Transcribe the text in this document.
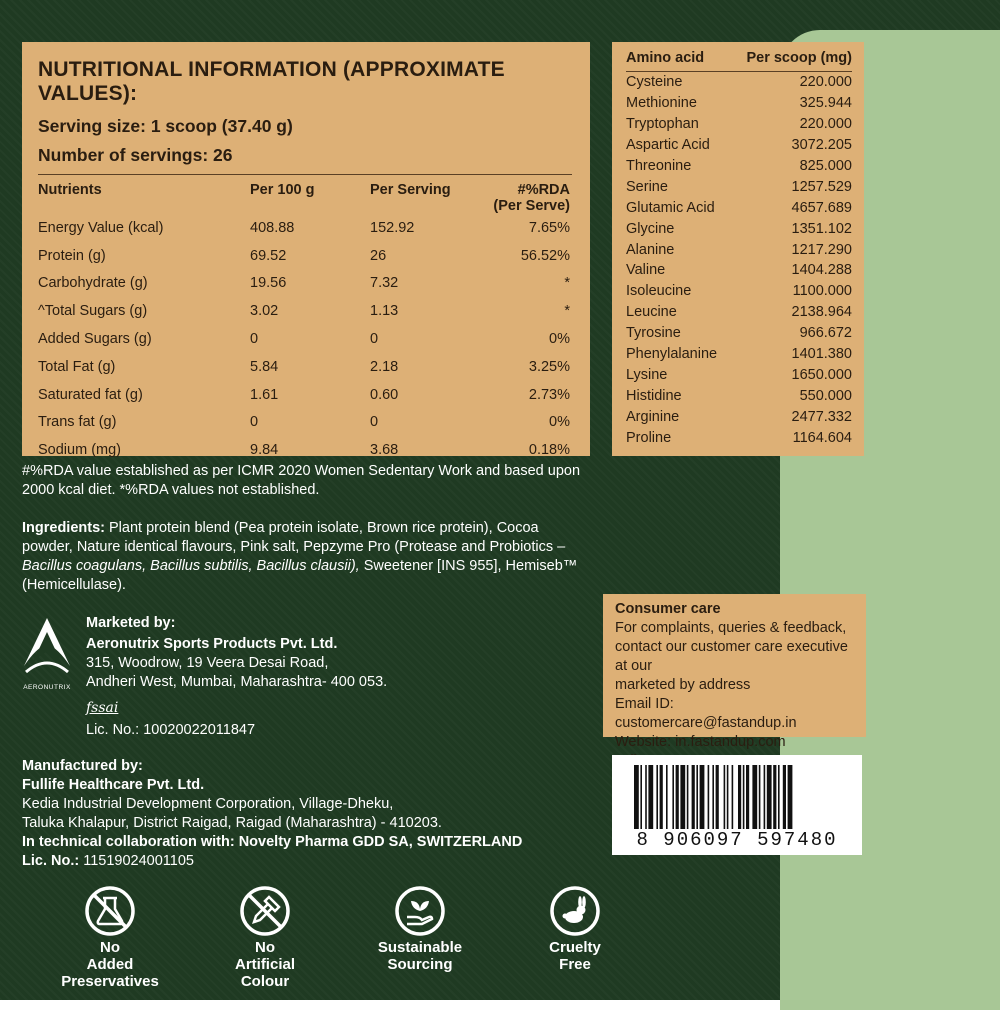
NUTRITIONAL INFORMATION (APPROXIMATE VALUES):
Serving size: 1 scoop (37.40 g)
Number of servings: 26
Nutrients	Per 100 g	Per Serving	#%RDA
(Per Serve)

Energy Value (kcal)	408.88	152.92	7.65%
Protein (g)	69.52	26	56.52%
Carbohydrate (g)	19.56	7.32	*
^Total Sugars (g)	3.02	1.13	*
Added Sugars (g)	0	0	0%
Total Fat (g)	5.84	2.18	3.25%
Saturated fat (g)	1.61	0.60	2.73%
Trans fat (g)	0	0	0%
Sodium (mg)	9.84	3.68	0.18%
Amino acid	Per scoop (mg)
Cysteine	220.000
Methionine	325.944
Tryptophan	220.000
Aspartic Acid	3072.205
Threonine	825.000
Serine	1257.529
Glutamic Acid	4657.689
Glycine	1351.102
Alanine	1217.290
Valine	1404.288
Isoleucine	1100.000
Leucine	2138.964
Tyrosine	966.672
Phenylalanine	1401.380
Lysine	1650.000
Histidine	550.000
Arginine	2477.332
Proline	1164.604
#%RDA value established as per ICMR 2020 Women Sedentary Work and based upon
2000 kcal diet. *%RDA values not established.
Ingredients: Plant protein blend (Pea protein isolate, Brown rice protein), Cocoa powder, Nature identical flavours, Pink salt, Pepzyme Pro (Protease and Probiotics – Bacillus coagulans, Bacillus subtilis, Bacillus clausii), Sweetener [INS 955], Hemiseb™ (Hemicellulase).
AERONUTRIX
Marketed by:
Aeronutrix Sports Products Pvt. Ltd.
315, Woodrow, 19 Veera Desai Road,
Andheri West, Mumbai, Maharashtra- 400 053.
fssai
Lic. No.: 10020022011847
Manufactured by:
Fullife Healthcare Pvt. Ltd.
Kedia Industrial Development Corporation, Village-Dheku,
Taluka Khalapur, District Raigad, Raigad (Maharashtra) - 410203.
In technical collaboration with: Novelty Pharma GDD SA, SWITZERLAND
Lic. No.: 11519024001105
Consumer care
For complaints, queries & feedback,
contact our customer care executive at our
marketed by address
Email ID: customercare@fastandup.in
Website: in.fastandup.com
8 906097 597480
No
Added
Preservatives
No
Artificial
Colour
Sustainable
Sourcing
Cruelty
Free
